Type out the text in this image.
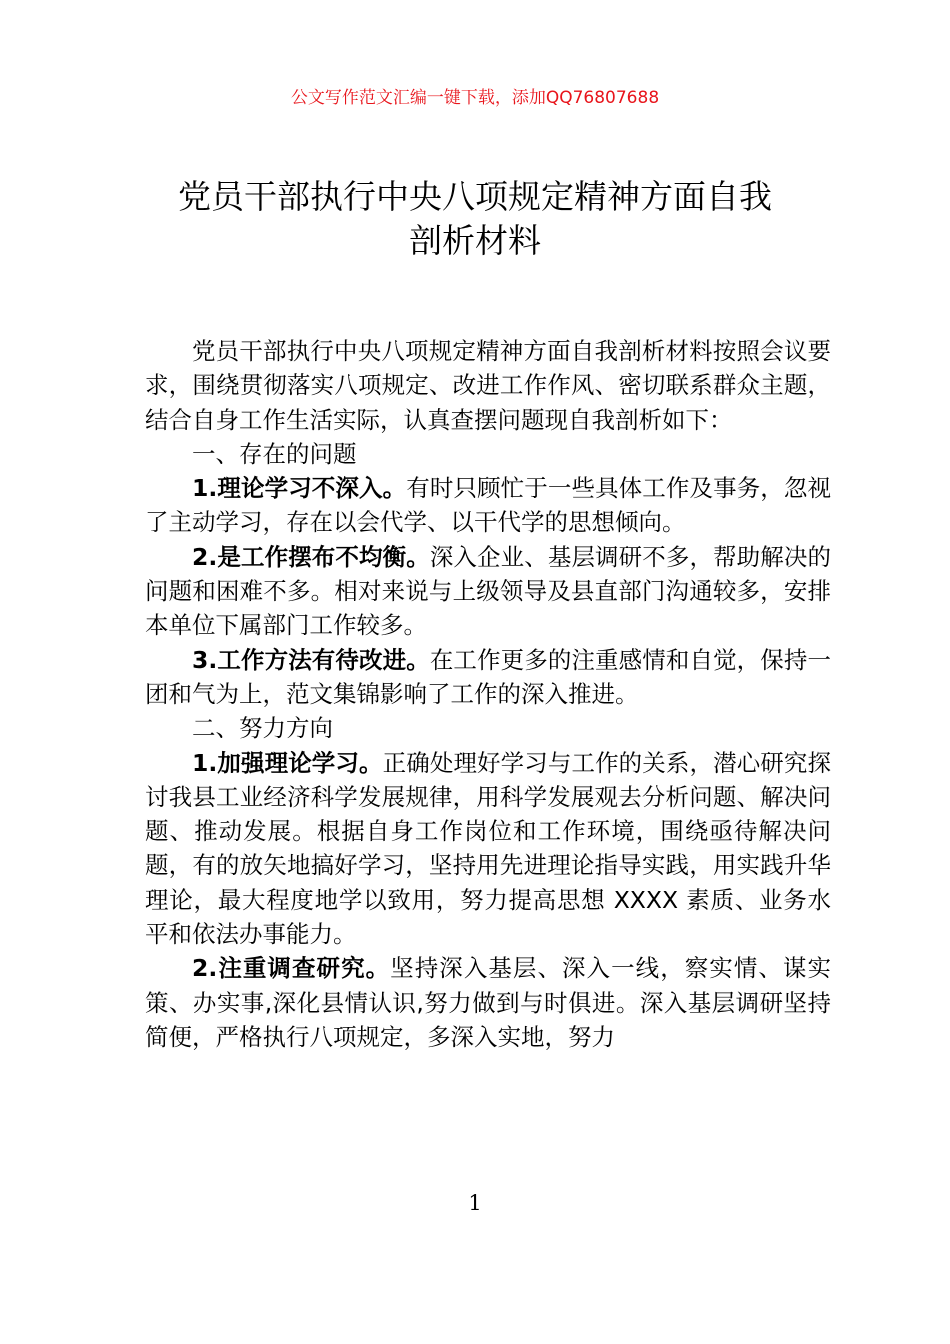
公文写作范文汇编一键下载，添加QQ76807688
党员干部执行中央八项规定精神方面自我
剖析材料

党员干部执行中央八项规定精神方面自我剖析材料按照会议要求，围绕贯彻落实八项规定、改进工作作风、密切联系群众主题，结合自身工作生活实际，认真查摆问题现自我剖析如下：

一、存在的问题

1.理论学习不深入。有时只顾忙于一些具体工作及事务，忽视了主动学习，存在以会代学、以干代学的思想倾向。

2.是工作摆布不均衡。深入企业、基层调研不多，帮助解决的问题和困难不多。相对来说与上级领导及县直部门沟通较多，安排本单位下属部门工作较多。

3.工作方法有待改进。在工作更多的注重感情和自觉，保持一团和气为上，范文集锦影响了工作的深入推进。

二、努力方向

1.加强理论学习。正确处理好学习与工作的关系，潜心研究探讨我县工业经济科学发展规律，用科学发展观去分析问题、解决问题、推动发展。根据自身工作岗位和工作环境，围绕亟待解决问题，有的放矢地搞好学习，坚持用先进理论指导实践，用实践升华理论，最大程度地学以致用，努力提高思想 XXXX 素质、业务水平和依法办事能力。

2.注重调查研究。坚持深入基层、深入一线，察实情、谋实策、办实事,深化县情认识,努力做到与时俱进。深入基层调研坚持简便，严格执行八项规定，多深入实地，努力

1
